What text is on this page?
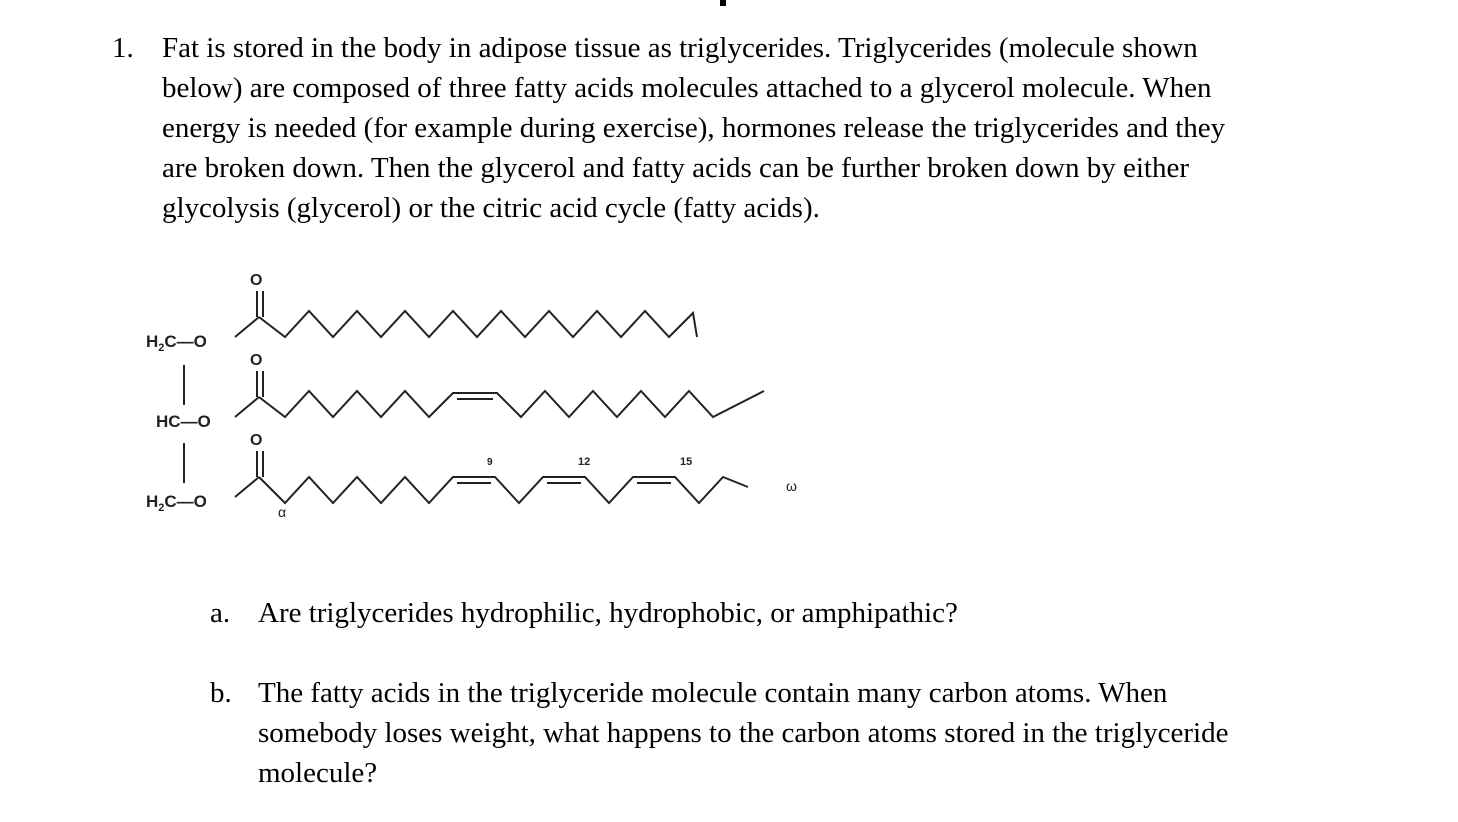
1. Fat is stored in the body in adipose tissue as triglycerides. Triglycerides (molecule shown
below) are composed of three fatty acids molecules attached to a glycerol molecule. When
energy is needed (for example during exercise), hormones release the triglycerides and they
are broken down. Then the glycerol and fatty acids can be further broken down by either
glycolysis (glycerol) or the citric acid cycle (fatty acids).
$H_2C—O$
HC—O
$H_2C—O$
O
O
O
9	12	15
α
ω
a. Are triglycerides hydrophilic, hydrophobic, or amphipathic?
b. The fatty acids in the triglyceride molecule contain many carbon atoms. When
somebody loses weight, what happens to the carbon atoms stored in the triglyceride
molecule?
